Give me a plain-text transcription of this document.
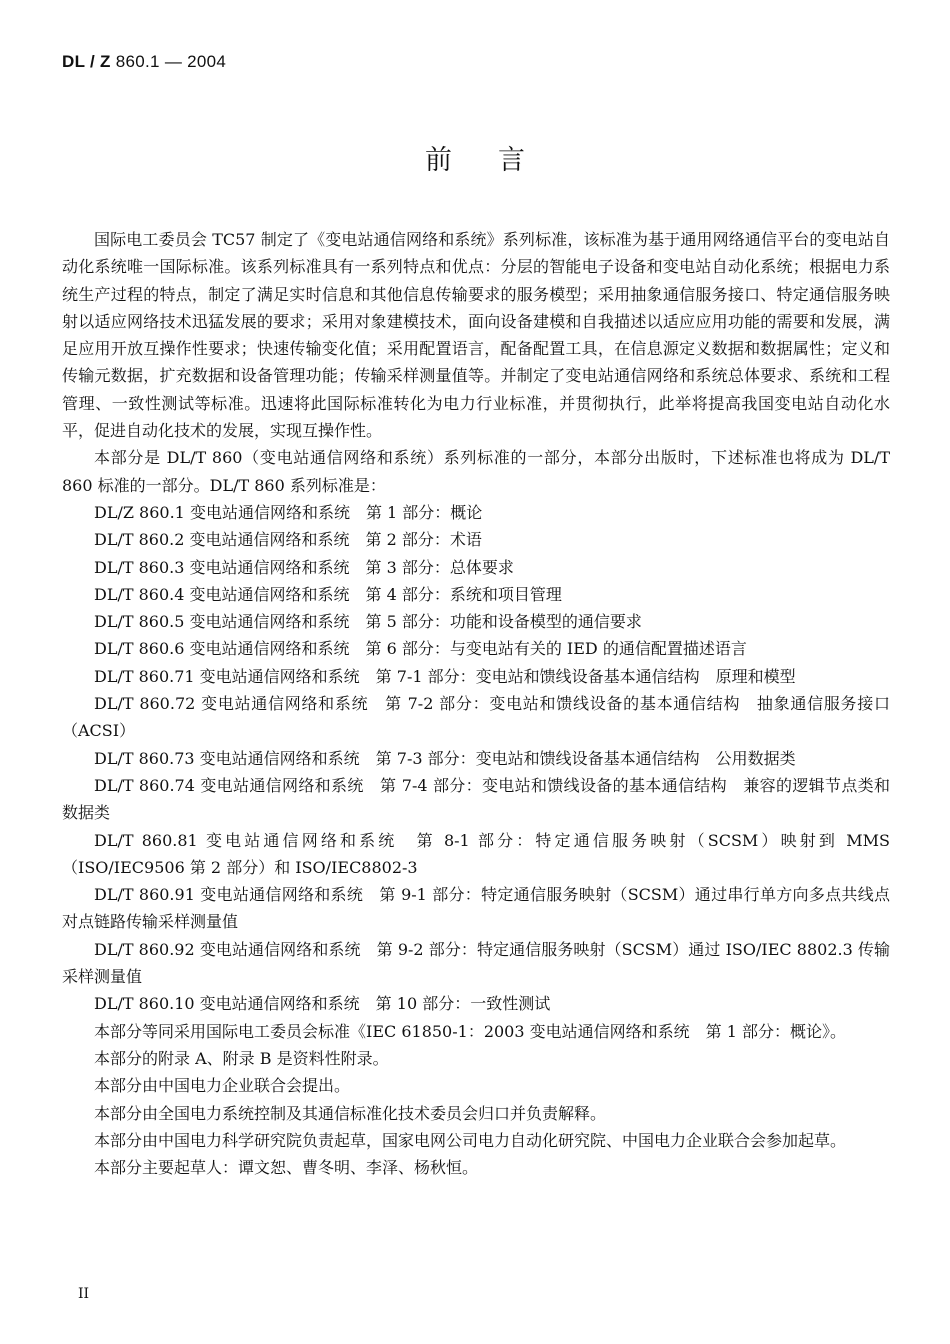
DL / Z 860.1 — 2004
前言

国际电工委员会 TC57 制定了《变电站通信网络和系统》系列标准，该标准为基于通用网络通信平台的变电站自动化系统唯一国际标准。该系列标准具有一系列特点和优点：分层的智能电子设备和变电站自动化系统；根据电力系统生产过程的特点，制定了满足实时信息和其他信息传输要求的服务模型；采用抽象通信服务接口、特定通信服务映射以适应网络技术迅猛发展的要求；采用对象建模技术，面向设备建模和自我描述以适应应用功能的需要和发展，满足应用开放互操作性要求；快速传输变化值；采用配置语言，配备配置工具，在信息源定义数据和数据属性；定义和传输元数据，扩充数据和设备管理功能；传输采样测量值等。并制定了变电站通信网络和系统总体要求、系统和工程管理、一致性测试等标准。迅速将此国际标准转化为电力行业标准，并贯彻执行，此举将提高我国变电站自动化水平，促进自动化技术的发展，实现互操作性。

本部分是 DL/T 860（变电站通信网络和系统）系列标准的一部分，本部分出版时，下述标准也将成为 DL/T 860 标准的一部分。DL/T 860 系列标准是：

DL/Z 860.1 变电站通信网络和系统　第 1 部分：概论

DL/T 860.2 变电站通信网络和系统　第 2 部分：术语

DL/T 860.3 变电站通信网络和系统　第 3 部分：总体要求

DL/T 860.4 变电站通信网络和系统　第 4 部分：系统和项目管理

DL/T 860.5 变电站通信网络和系统　第 5 部分：功能和设备模型的通信要求

DL/T 860.6 变电站通信网络和系统　第 6 部分：与变电站有关的 IED 的通信配置描述语言

DL/T 860.71 变电站通信网络和系统　第 7-1 部分：变电站和馈线设备基本通信结构　原理和模型

DL/T 860.72 变电站通信网络和系统　第 7-2 部分：变电站和馈线设备的基本通信结构　抽象通信服务接口（ACSI）

DL/T 860.73 变电站通信网络和系统　第 7-3 部分：变电站和馈线设备基本通信结构　公用数据类

DL/T 860.74 变电站通信网络和系统　第 7-4 部分：变电站和馈线设备的基本通信结构　兼容的逻辑节点类和数据类

DL/T 860.81 变电站通信网络和系统　第 8-1 部分：特定通信服务映射（SCSM）映射到 MMS（ISO/IEC9506 第 2 部分）和 ISO/IEC8802-3

DL/T 860.91 变电站通信网络和系统　第 9-1 部分：特定通信服务映射（SCSM）通过串行单方向多点共线点对点链路传输采样测量值

DL/T 860.92 变电站通信网络和系统　第 9-2 部分：特定通信服务映射（SCSM）通过 ISO/IEC 8802.3 传输采样测量值

DL/T 860.10 变电站通信网络和系统　第 10 部分：一致性测试

本部分等同采用国际电工委员会标准《IEC 61850-1：2003 变电站通信网络和系统　第 1 部分：概论》。

本部分的附录 A、附录 B 是资料性附录。

本部分由中国电力企业联合会提出。

本部分由全国电力系统控制及其通信标准化技术委员会归口并负责解释。

本部分由中国电力科学研究院负责起草，国家电网公司电力自动化研究院、中国电力企业联合会参加起草。

本部分主要起草人：谭文恕、曹冬明、李泽、杨秋恒。

II
